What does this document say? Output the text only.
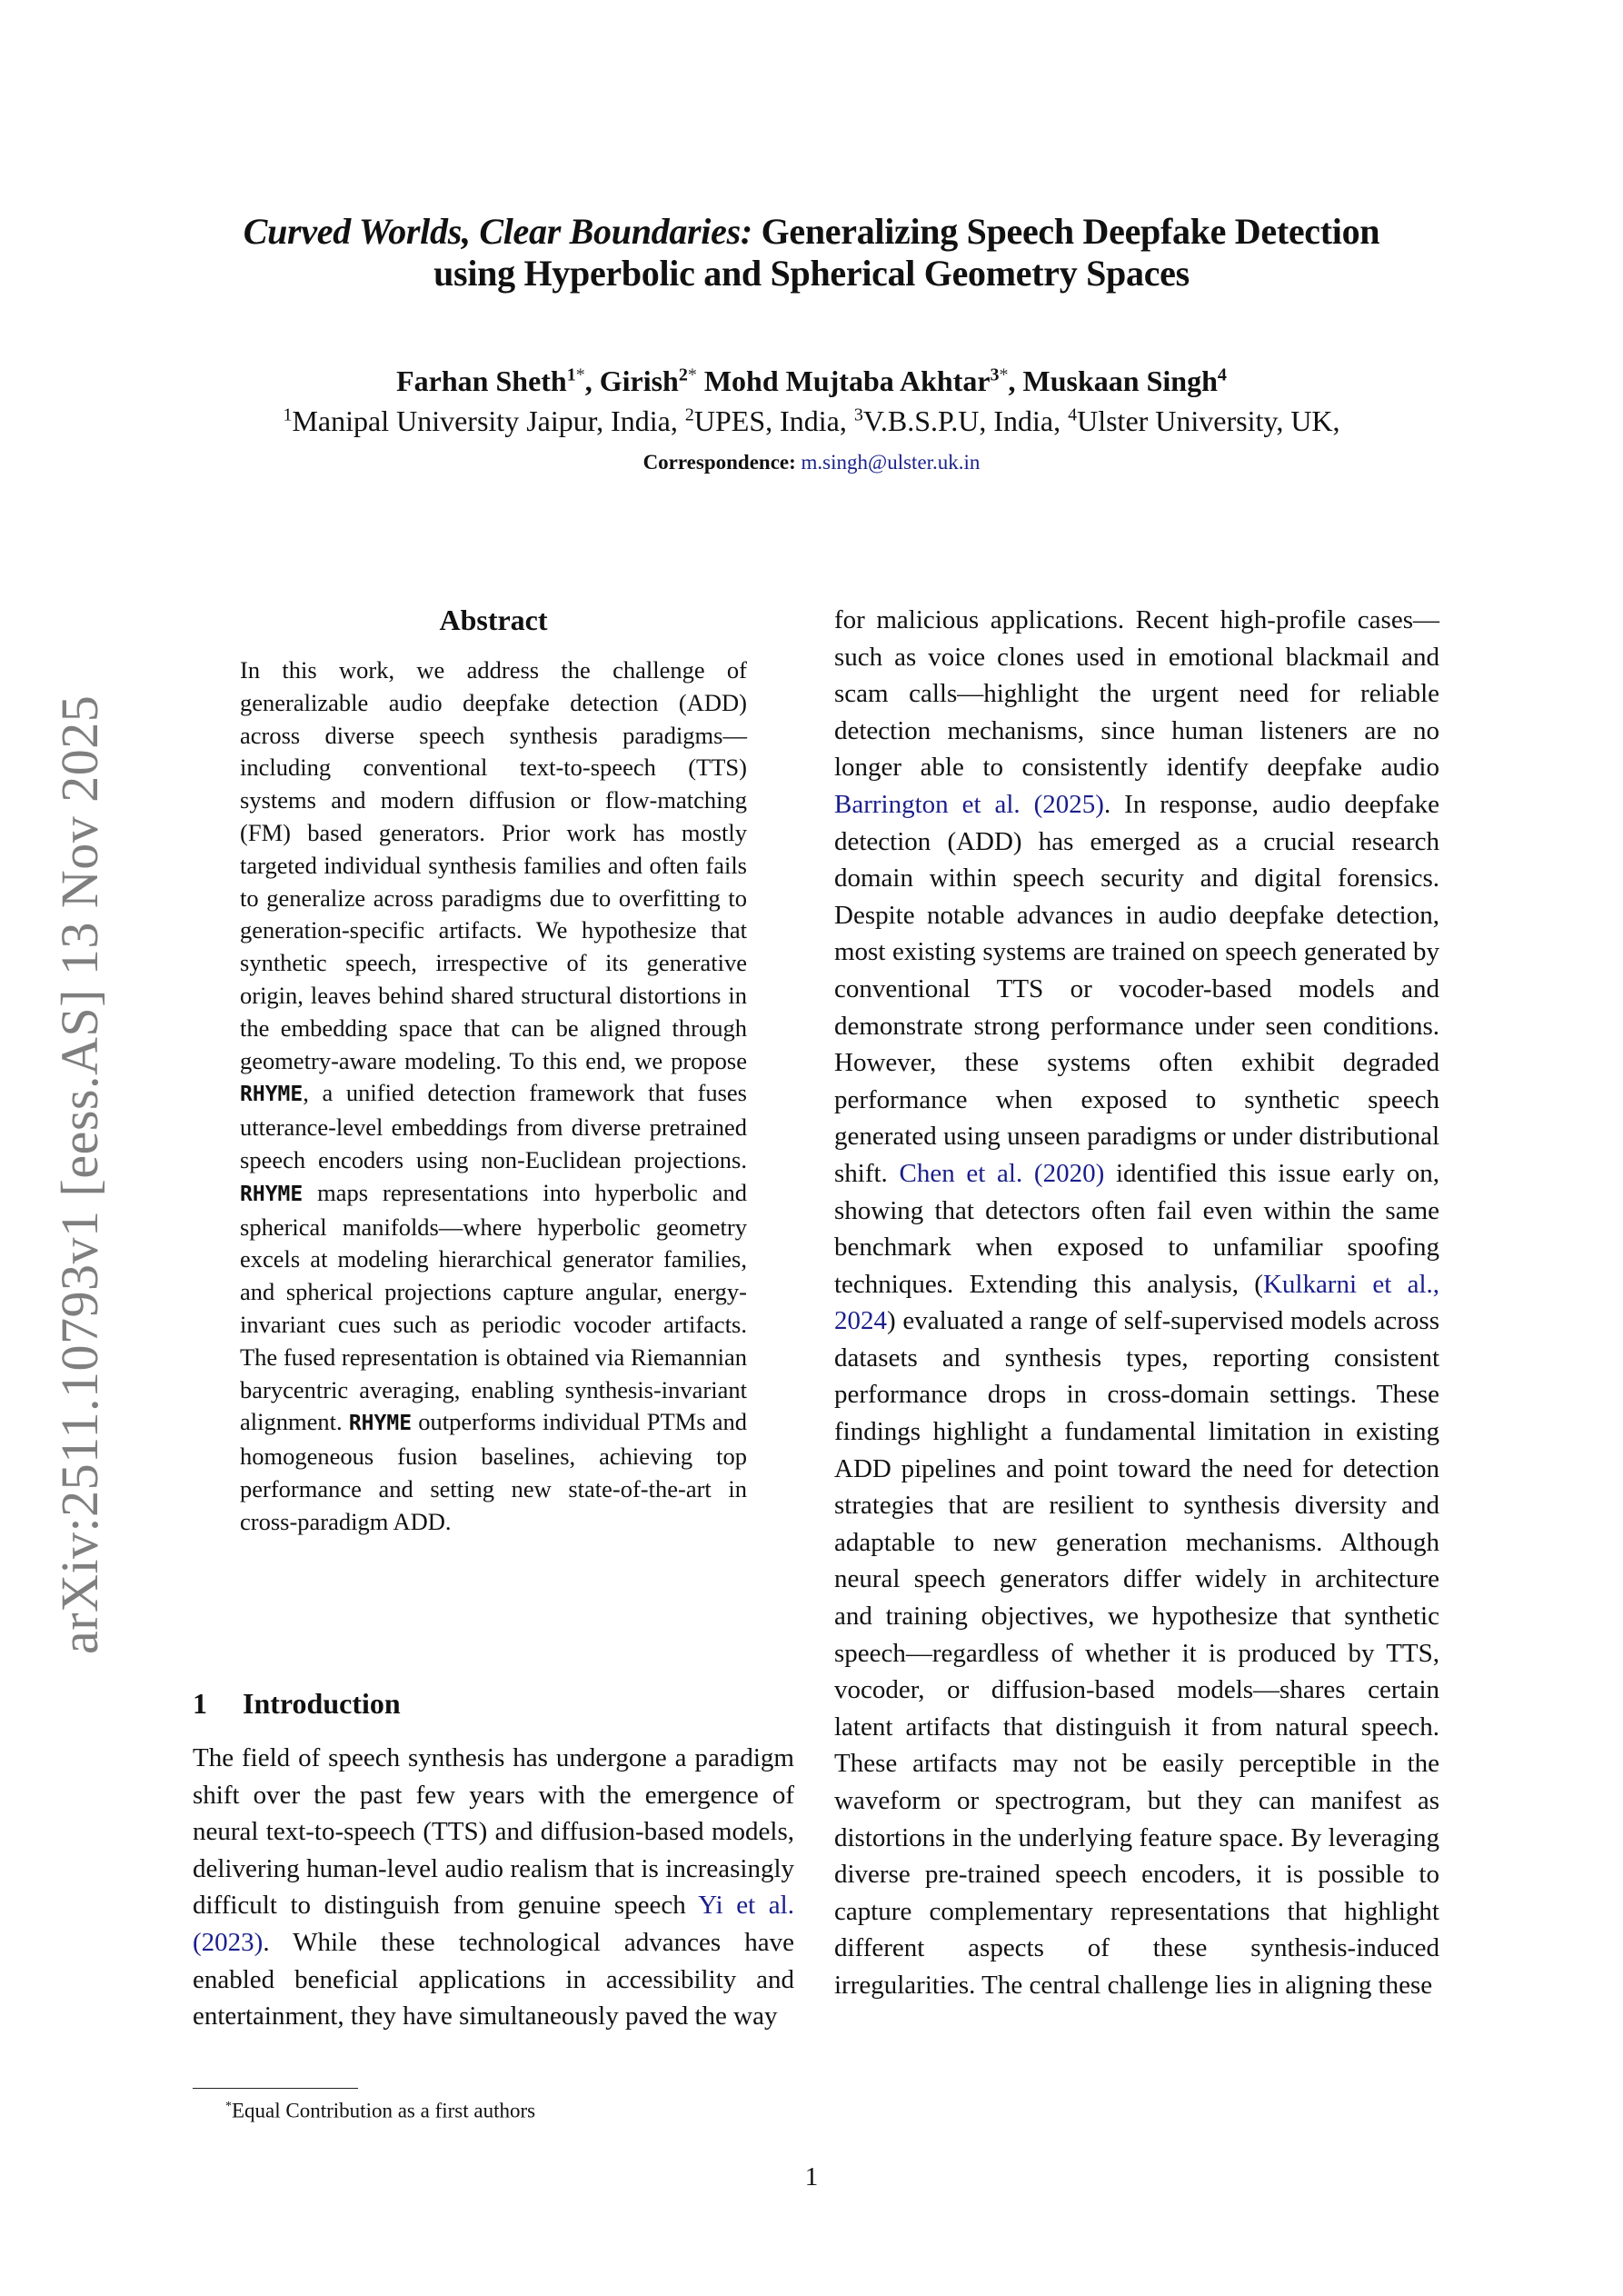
arXiv:2511.10793v1 [eess.AS] 13 Nov 2025
Curved Worlds, Clear Boundaries: Generalizing Speech Deepfake Detection
using Hyperbolic and Spherical Geometry Spaces
Farhan Sheth$^{1*}$, Girish$^{2*}$ Mohd Mujtaba Akhtar$^{3*}$, Muskaan Singh$^4$
$^1$Manipal University Jaipur, India, $^2$UPES, India, $^3$V.B.S.P.U, India, $^4$Ulster University, UK,
Correspondence: m.singh@ulster.uk.in
Abstract
In this work, we address the challenge of generalizable audio deepfake detection (ADD) across diverse speech synthesis paradigms—including conventional text-to-speech (TTS) systems and modern diffusion or flow-matching (FM) based generators. Prior work has mostly targeted individual synthesis families and often fails to generalize across paradigms due to overfitting to generation-specific artifacts. We hypothesize that synthetic speech, irrespective of its generative origin, leaves behind shared structural distortions in the embedding space that can be aligned through geometry-aware modeling. To this end, we propose RHYME, a unified detection framework that fuses utterance-level embeddings from diverse pretrained speech encoders using non-Euclidean projections. RHYME maps representations into hyperbolic and spherical manifolds—where hyperbolic geometry excels at modeling hierarchical generator families, and spherical projections capture angular, energy-invariant cues such as periodic vocoder artifacts. The fused representation is obtained via Riemannian barycentric averaging, enabling synthesis-invariant alignment. RHYME outperforms individual PTMs and homogeneous fusion baselines, achieving top performance and setting new state-of-the-art in cross-paradigm ADD.
1 Introduction
The field of speech synthesis has undergone a paradigm shift over the past few years with the emergence of neural text-to-speech (TTS) and diffusion-based models, delivering human-level audio realism that is increasingly difficult to distinguish from genuine speech Yi et al. (2023). While these technological advances have enabled beneficial applications in accessibility and entertainment, they have simultaneously paved the way
*Equal Contribution as a first authors
for malicious applications. Recent high-profile cases—such as voice clones used in emotional blackmail and scam calls—highlight the urgent need for reliable detection mechanisms, since human listeners are no longer able to consistently identify deepfake audio Barrington et al. (2025). In response, audio deepfake detection (ADD) has emerged as a crucial research domain within speech security and digital forensics. Despite notable advances in audio deepfake detection, most existing systems are trained on speech generated by conventional TTS or vocoder-based models and demonstrate strong performance under seen conditions. However, these systems often exhibit degraded performance when exposed to synthetic speech generated using unseen paradigms or under distributional shift. Chen et al. (2020) identified this issue early on, showing that detectors often fail even within the same benchmark when exposed to unfamiliar spoofing techniques. Extending this analysis, (Kulkarni et al., 2024) evaluated a range of self-supervised models across datasets and synthesis types, reporting consistent performance drops in cross-domain settings. These findings highlight a fundamental limitation in existing ADD pipelines and point toward the need for detection strategies that are resilient to synthesis diversity and adaptable to new generation mechanisms. Although neural speech generators differ widely in architecture and training objectives, we hypothesize that synthetic speech—regardless of whether it is produced by TTS, vocoder, or diffusion-based models—shares certain latent artifacts that distinguish it from natural speech. These artifacts may not be easily perceptible in the waveform or spectrogram, but they can manifest as distortions in the underlying feature space. By leveraging diverse pre-trained speech encoders, it is possible to capture complementary representations that highlight different aspects of these synthesis-induced irregularities. The central challenge lies in aligning these
1
